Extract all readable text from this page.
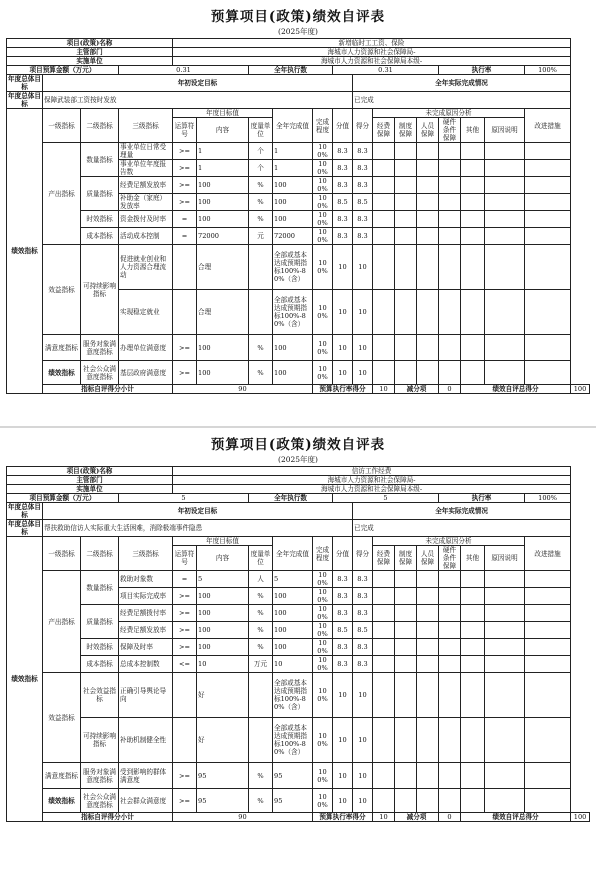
预算项目(政策)绩效自评表
(2025年度)
项目(政策)名称				新增临时工工资、保险														
主管部门				海城市人力资源和社会保障局-														
实施单位				海城市人力资源和社会保障局本级-														
项目预算金额（万元）			0.31			全年执行数			0.31					执行率			100%	
年度总体目标	年初设定目标									全年实际完成情况								
年度总体目标	保障武装部工资按时发放									已完成								
绩效指标	一级指标	二级指标	三级指标	年度目标值			全年完成值	完成程度	分值	得分	未完成原因分析						改进措施	
				运算符号	内容	度量单位					经费保障	制度保障	人员保障	硬件条件保障	其他	原因说明		
	产出指标	数量指标	事业单位日常受理量	>=	1	个	1	100%	8.3	8.3								
			事业单位年度报告数	>=	1	个	1	100%	8.3	8.3								
		质量指标	经费足额发放率	>=	100	%	100	100%	8.3	8.3								
			补助金（家庭）发放率	>=	100	%	100	100%	8.5	8.5								
		时效指标	资金拨付及时率	=	100	%	100	100%	8.3	8.3								
		成本指标	活动成本控制	=	72000	元	72000	100%	8.3	8.3								
	效益指标	可持续影响指标	促进就业创业和人力资源合理流动		合理		全部或基本达成预期指标100%-80%（含）	100%	10	10								
			实现稳定就业		合理		全部或基本达成预期指标100%-80%（含）	100%	10	10								
	满意度指标	服务对象满意度指标	办理单位满意度	>=	100	%	100	100%	10	10								
	绩效指标	社会公众满意度指标	基层政府满意度	>=	100	%	100	100%	10	10								
	指标自评得分小计			90				预算执行率得分			10	减分项		0	绩效自评总得分			100
预算项目(政策)绩效自评表
(2025年度)
项目(政策)名称				信访工作经费														
主管部门				海城市人力资源和社会保障局-														
实施单位				海城市人力资源和社会保障局本级-														
项目预算金额（万元）			5			全年执行数			5					执行率			100%	
年度总体目标	年初设定目标									全年实际完成情况								
年度总体目标	帮扶救助信访人实际重大生活困难，消除极端事件隐患									已完成								
绩效指标	一级指标	二级指标	三级指标	年度目标值			全年完成值	完成程度	分值	得分	未完成原因分析						改进措施	
				运算符号	内容	度量单位					经费保障	制度保障	人员保障	硬件条件保障	其他	原因说明		
	产出指标	数量指标	救助对象数	=	5	人	5	100%	8.3	8.3								
			项目实际完成率	>=	100	%	100	100%	8.3	8.3								
		质量指标	经费足额拨付率	>=	100	%	100	100%	8.3	8.3								
			经费足额发放率	>=	100	%	100	100%	8.5	8.5								
		时效指标	保障及时率	>=	100	%	100	100%	8.3	8.3								
		成本指标	总成本控制数	<=	10	万元	10	100%	8.3	8.3								
	效益指标	社会效益指标	正确引导舆论导向		好		全部或基本达成预期指标100%-80%（含）	100%	10	10								
		可持续影响指标	补助机制健全性		好		全部或基本达成预期指标100%-80%（含）	100%	10	10								
	满意度指标	服务对象满意度指标	受到影响的群体满意度	>=	95	%	95	100%	10	10								
	绩效指标	社会公众满意度指标	社会群众满意度	>=	95	%	95	100%	10	10								
	指标自评得分小计			90				预算执行率得分			10	减分项		0	绩效自评总得分			100
